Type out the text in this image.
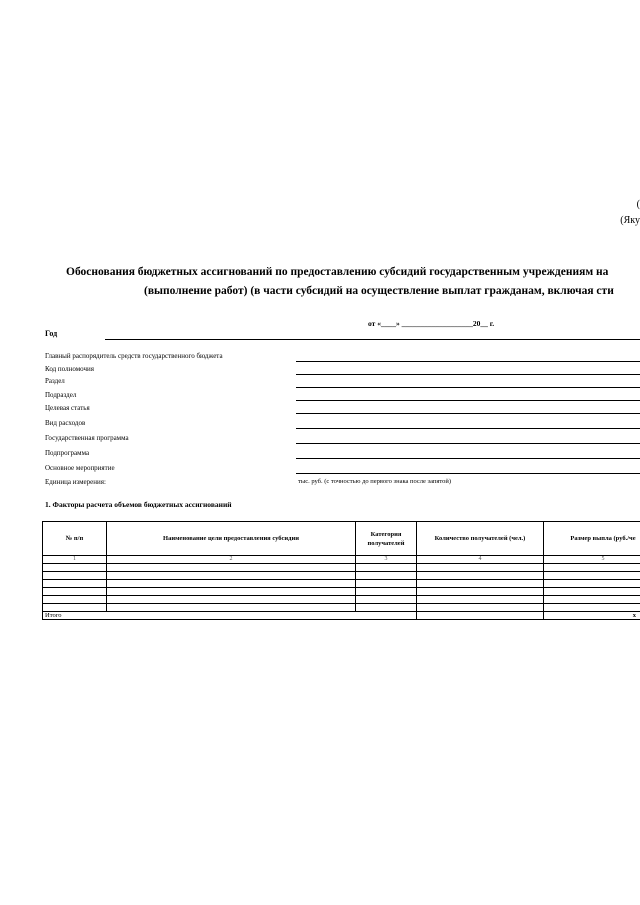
(
(Яку
Обоснования бюджетных ассигнований по предоставлению субсидий государственным учреждениям на
(выполнение работ) (в части субсидий на осуществление выплат гражданам, включая сти
от «____» ___________________20__ г.
Год
Главный распорядитель средств государственного бюджета
Код полномочия
Раздел
Подраздел
Целевая статья
Вид расходов
Государственная программа
Подпрограмма
Основное мероприятие
Единица измерения:	тыс. руб. (с точностью до первого знака после запятой)
1. Факторы расчета объемов бюджетных ассигнований
№ п/п	Наименование цели предоставления субсидии	Категория получателей	Количество получателей (чел.)	Размер выпла (руб./че
1	2	3	4	5

Итого				х
